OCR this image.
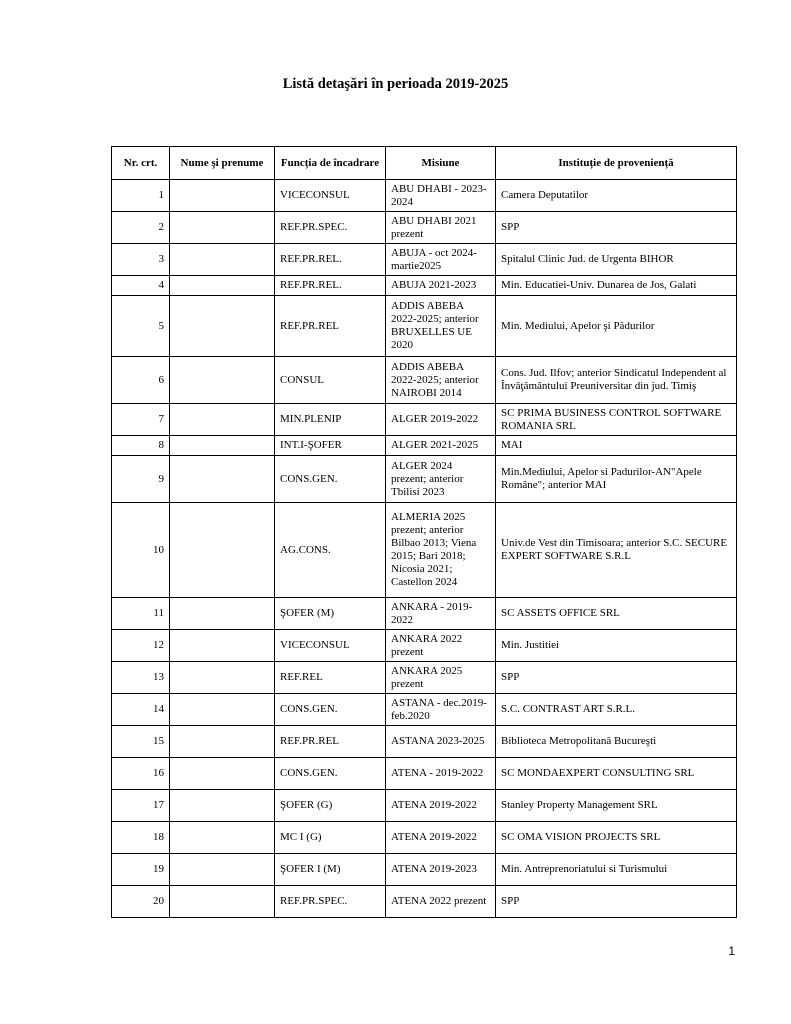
Listă detaşări în perioada 2019-2025
Nr. crt.	Nume şi prenume	Funcția de încadrare	Misiune	Instituție de proveniență
1		VICECONSUL	ABU DHABI - 2023-2024	Camera Deputatilor
2		REF.PR.SPEC.	ABU DHABI 2021 prezent	SPP
3		REF.PR.REL.	ABUJA - oct 2024-martie2025	Spitalul Clinic Jud. de Urgenta BIHOR
4		REF.PR.REL.	ABUJA 2021-2023	Min. Educatiei-Univ. Dunarea de Jos, Galati
5		REF.PR.REL	ADDIS ABEBA 2022-2025; anterior BRUXELLES UE 2020	Min. Mediului, Apelor şi Pădurilor
6		CONSUL	ADDIS ABEBA 2022-2025; anterior NAIROBI 2014	Cons. Jud. Ilfov; anterior Sindicatul Independent al Învăţământului Preuniversitar din jud. Timiş
7		MIN.PLENIP	ALGER 2019-2022	SC PRIMA BUSINESS CONTROL SOFTWARE ROMANIA SRL
8		INT.I-ŞOFER	ALGER 2021-2025	MAI
9		CONS.GEN.	ALGER 2024 prezent; anterior Tbilisi 2023	Min.Mediului, Apelor si Padurilor-AN"Apele Române"; anterior MAI
10		AG.CONS.	ALMERIA 2025 prezent; anterior Bilbao 2013; Viena 2015; Bari 2018; Nicosia 2021; Castellon 2024	Univ.de Vest din Timisoara; anterior S.C. SECURE EXPERT SOFTWARE S.R.L
11		ŞOFER (M)	ANKARA - 2019-2022	SC ASSETS OFFICE SRL
12		VICECONSUL	ANKARA 2022 prezent	Min. Justitiei
13		REF.REL	ANKARA 2025 prezent	SPP
14		CONS.GEN.	ASTANA - dec.2019-feb.2020	S.C. CONTRAST ART S.R.L.
15		REF.PR.REL	ASTANA 2023-2025	Biblioteca Metropolitană Bucureşti
16		CONS.GEN.	ATENA - 2019-2022	SC MONDAEXPERT CONSULTING SRL
17		ŞOFER (G)	ATENA 2019-2022	Stanley Property Management SRL
18		MC I (G)	ATENA 2019-2022	SC OMA VISION PROJECTS SRL
19		ŞOFER I (M)	ATENA 2019-2023	Min. Antreprenoriatului si Turismului
20		REF.PR.SPEC.	ATENA 2022 prezent	SPP
1
